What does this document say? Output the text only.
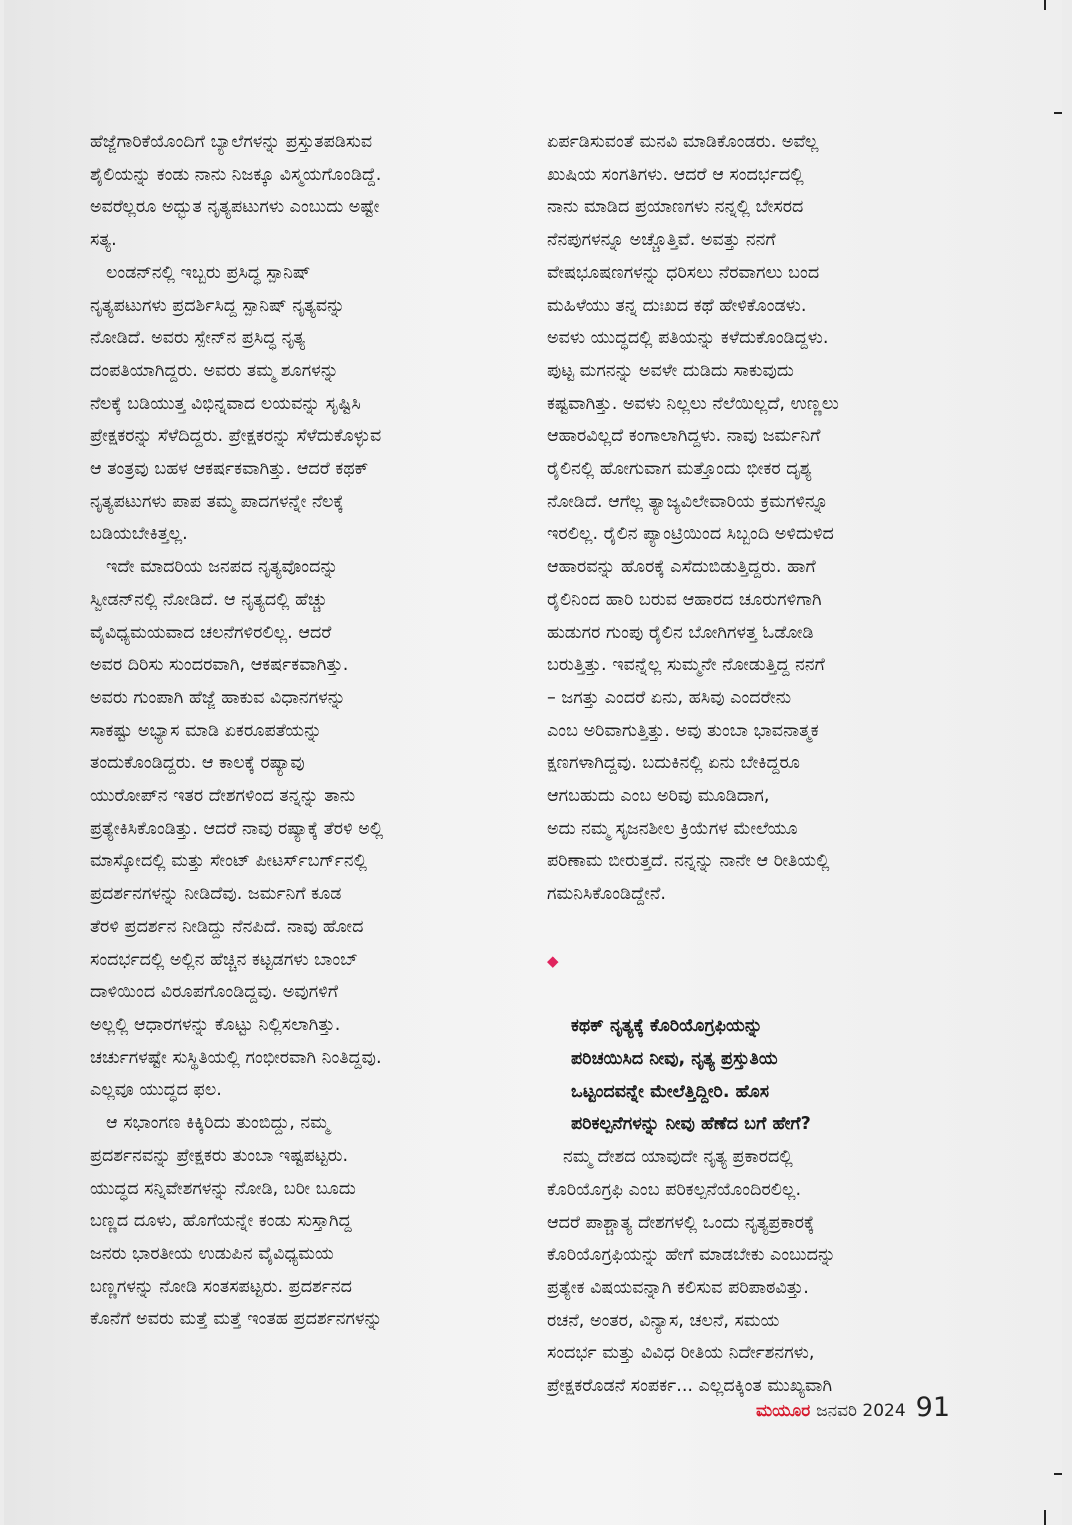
ಹೆಜ್ಜೆಗಾರಿಕೆಯೊಂದಿಗೆ ಬ್ಯಾಲೆಗಳನ್ನು ಪ್ರಸ್ತುತಪಡಿಸುವ
ಶೈಲಿಯನ್ನು ಕಂಡು ನಾನು ನಿಜಕ್ಕೂ ವಿಸ್ಮಯಗೊಂಡಿದ್ದೆ.
ಅವರೆಲ್ಲರೂ ಅದ್ಭುತ ನೃತ್ಯಪಟುಗಳು ಎಂಬುದು ಅಷ್ಟೇ
ಸತ್ಯ.

ಲಂಡನ್‌ನಲ್ಲಿ ಇಬ್ಬರು ಪ್ರಸಿದ್ಧ ಸ್ಪಾನಿಷ್
ನೃತ್ಯಪಟುಗಳು ಪ್ರದರ್ಶಿಸಿದ್ದ ಸ್ಪಾನಿಷ್ ನೃತ್ಯವನ್ನು
ನೋಡಿದೆ. ಅವರು ಸ್ಪೇನ್‌ನ ಪ್ರಸಿದ್ಧ ನೃತ್ಯ
ದಂಪತಿಯಾಗಿದ್ದರು. ಅವರು ತಮ್ಮ ಶೂಗಳನ್ನು
ನೆಲಕ್ಕೆ ಬಡಿಯುತ್ತ ವಿಭಿನ್ನವಾದ ಲಯವನ್ನು ಸೃಷ್ಟಿಸಿ
ಪ್ರೇಕ್ಷಕರನ್ನು ಸೆಳೆದಿದ್ದರು. ಪ್ರೇಕ್ಷಕರನ್ನು ಸೆಳೆದುಕೊಳ್ಳುವ
ಆ ತಂತ್ರವು ಬಹಳ ಆಕರ್ಷಕವಾಗಿತ್ತು. ಆದರೆ ಕಥಕ್
ನೃತ್ಯಪಟುಗಳು ಪಾಪ ತಮ್ಮ ಪಾದಗಳನ್ನೇ ನೆಲಕ್ಕೆ
ಬಡಿಯಬೇಕಿತ್ತಲ್ಲ.

ಇದೇ ಮಾದರಿಯ ಜನಪದ ನೃತ್ಯವೊಂದನ್ನು
ಸ್ವೀಡನ್‌ನಲ್ಲಿ ನೋಡಿದೆ. ಆ ನೃತ್ಯದಲ್ಲಿ ಹೆಚ್ಚು
ವೈವಿಧ್ಯಮಯವಾದ ಚಲನೆಗಳಿರಲಿಲ್ಲ. ಆದರೆ
ಅವರ ದಿರಿಸು ಸುಂದರವಾಗಿ, ಆಕರ್ಷಕವಾಗಿತ್ತು.
ಅವರು ಗುಂಪಾಗಿ ಹೆಜ್ಜೆ ಹಾಕುವ ವಿಧಾನಗಳನ್ನು
ಸಾಕಷ್ಟು ಅಭ್ಯಾಸ ಮಾಡಿ ಏಕರೂಪತೆಯನ್ನು
ತಂದುಕೊಂಡಿದ್ದರು. ಆ ಕಾಲಕ್ಕೆ ರಷ್ಯಾವು
ಯುರೋಪ್‌ನ ಇತರ ದೇಶಗಳಿಂದ ತನ್ನನ್ನು ತಾನು
ಪ್ರತ್ಯೇಕಿಸಿಕೊಂಡಿತ್ತು. ಆದರೆ ನಾವು ರಷ್ಯಾಕ್ಕೆ ತೆರಳಿ ಅಲ್ಲಿ
ಮಾಸ್ಕೋದಲ್ಲಿ ಮತ್ತು ಸೇಂಟ್ ಪೀಟರ್ಸ್‌ಬರ್ಗ್‌ನಲ್ಲಿ
ಪ್ರದರ್ಶನಗಳನ್ನು ನೀಡಿದೆವು. ಜರ್ಮನಿಗೆ ಕೂಡ
ತೆರಳಿ ಪ್ರದರ್ಶನ ನೀಡಿದ್ದು ನೆನಪಿದೆ. ನಾವು ಹೋದ
ಸಂದರ್ಭದಲ್ಲಿ ಅಲ್ಲಿನ ಹೆಚ್ಚಿನ ಕಟ್ಟಡಗಳು ಬಾಂಬ್
ದಾಳಿಯಿಂದ ವಿರೂಪಗೊಂಡಿದ್ದವು. ಅವುಗಳಿಗೆ
ಅಲ್ಲಲ್ಲಿ ಆಧಾರಗಳನ್ನು ಕೊಟ್ಟು ನಿಲ್ಲಿಸಲಾಗಿತ್ತು.
ಚರ್ಚುಗಳಷ್ಟೇ ಸುಸ್ಥಿತಿಯಲ್ಲಿ ಗಂಭೀರವಾಗಿ ನಿಂತಿದ್ದವು.
ಎಲ್ಲವೂ ಯುದ್ಧದ ಫಲ.

ಆ ಸಭಾಂಗಣ ಕಿಕ್ಕಿರಿದು ತುಂಬಿದ್ದು, ನಮ್ಮ
ಪ್ರದರ್ಶನವನ್ನು ಪ್ರೇಕ್ಷಕರು ತುಂಬಾ ಇಷ್ಟಪಟ್ಟರು.
ಯುದ್ಧದ ಸನ್ನಿವೇಶಗಳನ್ನು ನೋಡಿ, ಬರೀ ಬೂದು
ಬಣ್ಣದ ದೂಳು, ಹೊಗೆಯನ್ನೇ ಕಂಡು ಸುಸ್ತಾಗಿದ್ದ
ಜನರು ಭಾರತೀಯ ಉಡುಪಿನ ವೈವಿಧ್ಯಮಯ
ಬಣ್ಣಗಳನ್ನು ನೋಡಿ ಸಂತಸಪಟ್ಟರು. ಪ್ರದರ್ಶನದ
ಕೊನೆಗೆ ಅವರು ಮತ್ತೆ ಮತ್ತೆ ಇಂತಹ ಪ್ರದರ್ಶನಗಳನ್ನು

ಏರ್ಪಡಿಸುವಂತೆ ಮನವಿ ಮಾಡಿಕೊಂಡರು. ಅವೆಲ್ಲ
ಖುಷಿಯ ಸಂಗತಿಗಳು. ಆದರೆ ಆ ಸಂದರ್ಭದಲ್ಲಿ
ನಾನು ಮಾಡಿದ ಪ್ರಯಾಣಗಳು ನನ್ನಲ್ಲಿ ಬೇಸರದ
ನೆನಪುಗಳನ್ನೂ ಅಚ್ಚೊತ್ತಿವೆ. ಅವತ್ತು ನನಗೆ
ವೇಷಭೂಷಣಗಳನ್ನು ಧರಿಸಲು ನೆರವಾಗಲು ಬಂದ
ಮಹಿಳೆಯು ತನ್ನ ದುಃಖದ ಕಥೆ ಹೇಳಿಕೊಂಡಳು.
ಅವಳು ಯುದ್ಧದಲ್ಲಿ ಪತಿಯನ್ನು ಕಳೆದುಕೊಂಡಿದ್ದಳು.
ಪುಟ್ಟ ಮಗನನ್ನು ಅವಳೇ ದುಡಿದು ಸಾಕುವುದು
ಕಷ್ಟವಾಗಿತ್ತು. ಅವಳು ನಿಲ್ಲಲು ನೆಲೆಯಿಲ್ಲದೆ, ಉಣ್ಣಲು
ಆಹಾರವಿಲ್ಲದೆ ಕಂಗಾಲಾಗಿದ್ದಳು. ನಾವು ಜರ್ಮನಿಗೆ
ರೈಲಿನಲ್ಲಿ ಹೋಗುವಾಗ ಮತ್ತೊಂದು ಭೀಕರ ದೃಶ್ಯ
ನೋಡಿದೆ. ಆಗೆಲ್ಲ ತ್ಯಾಜ್ಯವಿಲೇವಾರಿಯ ಕ್ರಮಗಳಿನ್ನೂ
ಇರಲಿಲ್ಲ. ರೈಲಿನ ಪ್ಯಾಂಟ್ರಿಯಿಂದ ಸಿಬ್ಬಂದಿ ಅಳಿದುಳಿದ
ಆಹಾರವನ್ನು ಹೊರಕ್ಕೆ ಎಸೆದುಬಿಡುತ್ತಿದ್ದರು. ಹಾಗೆ
ರೈಲಿನಿಂದ ಹಾರಿ ಬರುವ ಆಹಾರದ ಚೂರುಗಳಿಗಾಗಿ
ಹುಡುಗರ ಗುಂಪು ರೈಲಿನ ಬೋಗಿಗಳತ್ತ ಓಡೋಡಿ
ಬರುತ್ತಿತ್ತು. ಇವನ್ನೆಲ್ಲ ಸುಮ್ಮನೇ ನೋಡುತ್ತಿದ್ದ ನನಗೆ
– ಜಗತ್ತು ಎಂದರೆ ಏನು, ಹಸಿವು ಎಂದರೇನು
ಎಂಬ ಅರಿವಾಗುತ್ತಿತ್ತು. ಅವು ತುಂಬಾ ಭಾವನಾತ್ಮಕ
ಕ್ಷಣಗಳಾಗಿದ್ದವು. ಬದುಕಿನಲ್ಲಿ ಏನು ಬೇಕಿದ್ದರೂ
ಆಗಬಹುದು ಎಂಬ ಅರಿವು ಮೂಡಿದಾಗ,
ಅದು ನಮ್ಮ ಸೃಜನಶೀಲ ಕ್ರಿಯೆಗಳ ಮೇಲೆಯೂ
ಪರಿಣಾಮ ಬೀರುತ್ತದೆ. ನನ್ನನ್ನು ನಾನೇ ಆ ರೀತಿಯಲ್ಲಿ
ಗಮನಿಸಿಕೊಂಡಿದ್ದೇನೆ.

◆

ಕಥಕ್ ನೃತ್ಯಕ್ಕೆ ಕೊರಿಯೊಗ್ರಫಿಯನ್ನು
ಪರಿಚಯಿಸಿದ ನೀವು, ನೃತ್ಯ ಪ್ರಸ್ತುತಿಯ
ಒಟ್ಟಂದವನ್ನೇ ಮೇಲೆತ್ತಿದ್ದೀರಿ. ಹೊಸ
ಪರಿಕಲ್ಪನೆಗಳನ್ನು ನೀವು ಹೆಣೆದ ಬಗೆ ಹೇಗೆ?

ನಮ್ಮ ದೇಶದ ಯಾವುದೇ ನೃತ್ಯ ಪ್ರಕಾರದಲ್ಲಿ
ಕೊರಿಯೊಗ್ರಫಿ ಎಂಬ ಪರಿಕಲ್ಪನೆಯೊಂದಿರಲಿಲ್ಲ.
ಆದರೆ ಪಾಶ್ಚಾತ್ಯ ದೇಶಗಳಲ್ಲಿ ಒಂದು ನೃತ್ಯಪ್ರಕಾರಕ್ಕೆ
ಕೊರಿಯೊಗ್ರಫಿಯನ್ನು ಹೇಗೆ ಮಾಡಬೇಕು ಎಂಬುದನ್ನು
ಪ್ರತ್ಯೇಕ ವಿಷಯವನ್ನಾಗಿ ಕಲಿಸುವ ಪರಿಪಾಠವಿತ್ತು.
ರಚನೆ, ಅಂತರ, ವಿನ್ಯಾಸ, ಚಲನೆ, ಸಮಯ
ಸಂದರ್ಭ ಮತ್ತು ವಿವಿಧ ರೀತಿಯ ನಿರ್ದೇಶನಗಳು,
ಪ್ರೇಕ್ಷಕರೊಡನೆ ಸಂಪರ್ಕ... ಎಲ್ಲದಕ್ಕಿಂತ ಮುಖ್ಯವಾಗಿ

ಮಯೂರ ಜನವರಿ 2024 91
